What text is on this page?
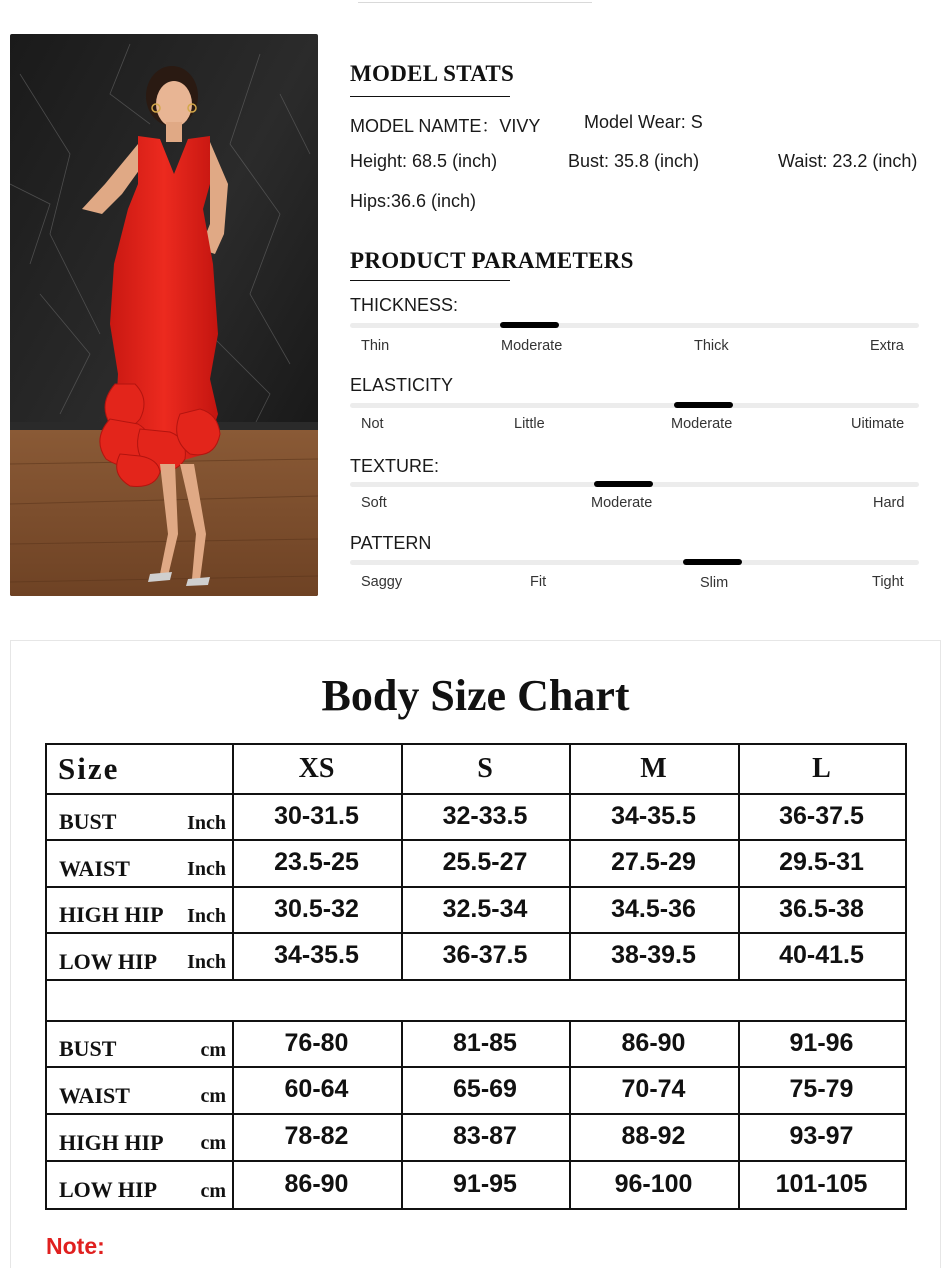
MODEL STATS
MODEL NAMTE：VIVY Model Wear: S
Height: 68.5 (inch)	Bust: 35.8 (inch)	Waist: 23.2 (inch)
Hips:36.6 (inch)
PRODUCT PARAMETERS
THICKNESS:
Thin	Moderate	Thick	Extra
ELASTICITY
Not	Little	Moderate	Uitimate
TEXTURE:
Soft	Moderate	Hard
PATTERN
Saggy	Fit	Slim	Tight
Body Size Chart
Size	XS	S	M	L
BUST	Inch	30-31.5	32-33.5	34-35.5	36-37.5
WAIST	Inch	23.5-25	25.5-27	27.5-29	29.5-31
HIGH HIP	Inch	30.5-32	32.5-34	34.5-36	36.5-38
LOW HIP	Inch	34-35.5	36-37.5	38-39.5	40-41.5
BUST	cm	76-80	81-85	86-90	91-96
WAIST	cm	60-64	65-69	70-74	75-79
HIGH HIP	cm	78-82	83-87	88-92	93-97
LOW HIP	cm	86-90	91-95	96-100	101-105
Note:
